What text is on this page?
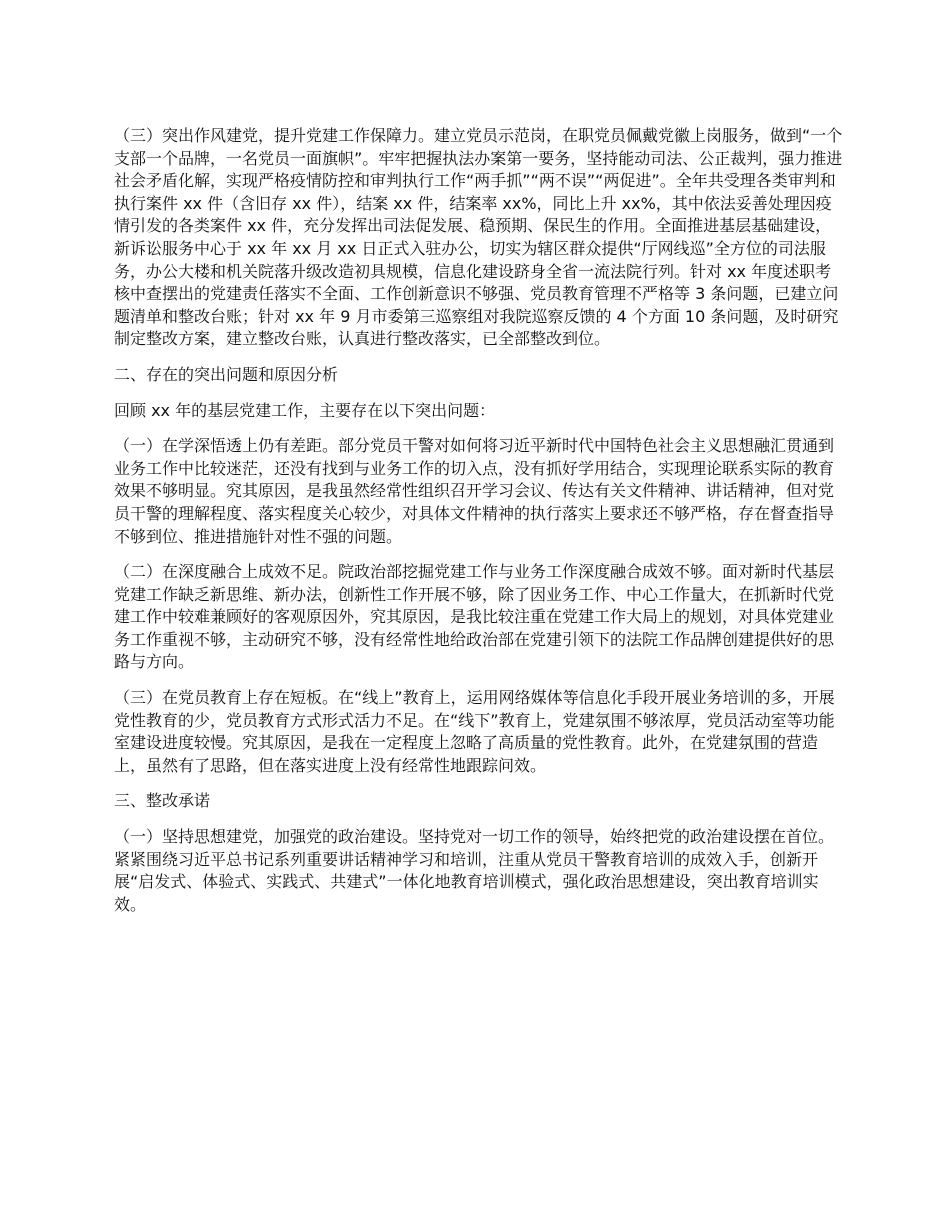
（三）突出作风建党，提升党建工作保障力。建立党员示范岗，在职党员佩戴党徽上岗服务，做到“一个支部一个品牌，一名党员一面旗帜”。牢牢把握执法办案第一要务，坚持能动司法、公正裁判，强力推进社会矛盾化解，实现严格疫情防控和审判执行工作“两手抓”“两不误”“两促进”。全年共受理各类审判和执行案件 xx 件（含旧存 xx 件），结案 xx 件，结案率 xx%，同比上升 xx%，其中依法妥善处理因疫情引发的各类案件 xx 件，充分发挥出司法促发展、稳预期、保民生的作用。全面推进基层基础建设，新诉讼服务中心于 xx 年 xx 月 xx 日正式入驻办公，切实为辖区群众提供“厅网线巡”全方位的司法服务，办公大楼和机关院落升级改造初具规模，信息化建设跻身全省一流法院行列。针对 xx 年度述职考核中查摆出的党建责任落实不全面、工作创新意识不够强、党员教育管理不严格等 3 条问题，已建立问题清单和整改台账；针对 xx 年 9 月市委第三巡察组对我院巡察反馈的 4 个方面 10 条问题，及时研究制定整改方案，建立整改台账，认真进行整改落实，已全部整改到位。

二、存在的突出问题和原因分析

回顾 xx 年的基层党建工作，主要存在以下突出问题：

（一）在学深悟透上仍有差距。部分党员干警对如何将习近平新时代中国特色社会主义思想融汇贯通到业务工作中比较迷茫，还没有找到与业务工作的切入点，没有抓好学用结合，实现理论联系实际的教育效果不够明显。究其原因，是我虽然经常性组织召开学习会议、传达有关文件精神、讲话精神，但对党员干警的理解程度、落实程度关心较少，对具体文件精神的执行落实上要求还不够严格，存在督查指导不够到位、推进措施针对性不强的问题。

（二）在深度融合上成效不足。院政治部挖掘党建工作与业务工作深度融合成效不够。面对新时代基层党建工作缺乏新思维、新办法，创新性工作开展不够，除了因业务工作、中心工作量大，在抓新时代党建工作中较难兼顾好的客观原因外，究其原因，是我比较注重在党建工作大局上的规划，对具体党建业务工作重视不够，主动研究不够，没有经常性地给政治部在党建引领下的法院工作品牌创建提供好的思路与方向。

（三）在党员教育上存在短板。在“线上”教育上，运用网络媒体等信息化手段开展业务培训的多，开展党性教育的少，党员教育方式形式活力不足。在“线下”教育上，党建氛围不够浓厚，党员活动室等功能室建设进度较慢。究其原因，是我在一定程度上忽略了高质量的党性教育。此外，在党建氛围的营造上，虽然有了思路，但在落实进度上没有经常性地跟踪问效。

三、整改承诺

（一）坚持思想建党，加强党的政治建设。坚持党对一切工作的领导，始终把党的政治建设摆在首位。紧紧围绕习近平总书记系列重要讲话精神学习和培训，注重从党员干警教育培训的成效入手，创新开展“启发式、体验式、实践式、共建式”一体化地教育培训模式，强化政治思想建设，突出教育培训实效。
